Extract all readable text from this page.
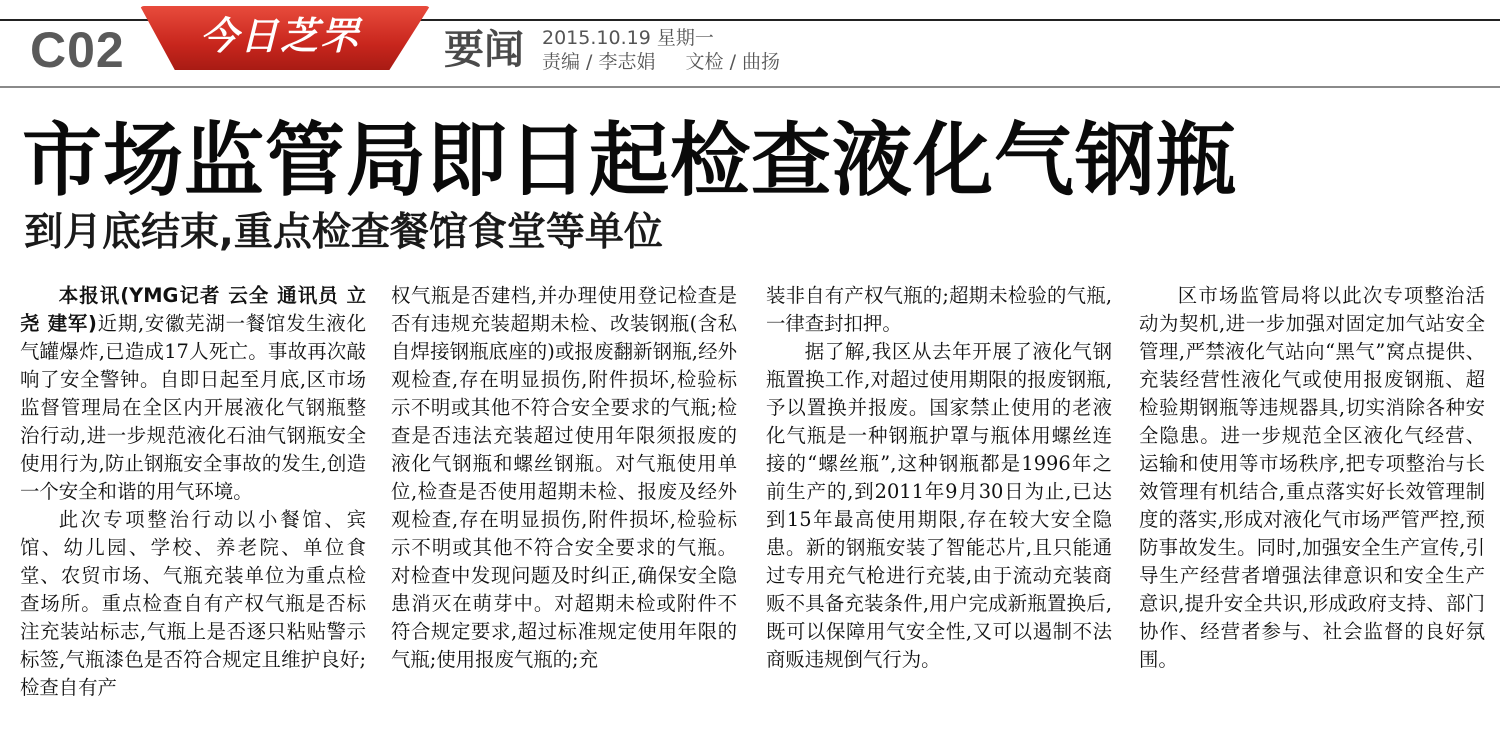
C02	今日芝罘	要闻 2015.10.19 星期一
责编 / 李志娟 文检 / 曲扬
市场监管局即日起检查液化气钢瓶
到月底结束,重点检查餐馆食堂等单位

本报讯(YMG记者 云全 通讯员 立尧 建军)近期,安徽芜湖一餐馆发生液化气罐爆炸,已造成17人死亡。事故再次敲响了安全警钟。自即日起至月底,区市场监督管理局在全区内开展液化气钢瓶整治行动,进一步规范液化石油气钢瓶安全使用行为,防止钢瓶安全事故的发生,创造一个安全和谐的用气环境。

此次专项整治行动以小餐馆、宾馆、幼儿园、学校、养老院、单位食堂、农贸市场、气瓶充装单位为重点检查场所。重点检查自有产权气瓶是否标注充装站标志,气瓶上是否逐只粘贴警示标签,气瓶漆色是否符合规定且维护良好;检查自有产

权气瓶是否建档,并办理使用登记检查是否有违规充装超期未检、改装钢瓶(含私自焊接钢瓶底座的)或报废翻新钢瓶,经外观检查,存在明显损伤,附件损坏,检验标示不明或其他不符合安全要求的气瓶;检查是否违法充装超过使用年限须报废的液化气钢瓶和螺丝钢瓶。对气瓶使用单位,检查是否使用超期未检、报废及经外观检查,存在明显损伤,附件损坏,检验标示不明或其他不符合安全要求的气瓶。对检查中发现问题及时纠正,确保安全隐患消灭在萌芽中。对超期未检或附件不符合规定要求,超过标准规定使用年限的气瓶;使用报废气瓶的;充

装非自有产权气瓶的;超期未检验的气瓶,一律查封扣押。

据了解,我区从去年开展了液化气钢瓶置换工作,对超过使用期限的报废钢瓶,予以置换并报废。国家禁止使用的老液化气瓶是一种钢瓶护罩与瓶体用螺丝连接的“螺丝瓶”,这种钢瓶都是1996年之前生产的,到2011年9月30日为止,已达到15年最高使用期限,存在较大安全隐患。新的钢瓶安装了智能芯片,且只能通过专用充气枪进行充装,由于流动充装商贩不具备充装条件,用户完成新瓶置换后,既可以保障用气安全性,又可以遏制不法商贩违规倒气行为。

区市场监管局将以此次专项整治活动为契机,进一步加强对固定加气站安全管理,严禁液化气站向“黑气”窝点提供、充装经营性液化气或使用报废钢瓶、超检验期钢瓶等违规器具,切实消除各种安全隐患。进一步规范全区液化气经营、运输和使用等市场秩序,把专项整治与长效管理有机结合,重点落实好长效管理制度的落实,形成对液化气市场严管严控,预防事故发生。同时,加强安全生产宣传,引导生产经营者增强法律意识和安全生产意识,提升安全共识,形成政府支持、部门协作、经营者参与、社会监督的良好氛围。
